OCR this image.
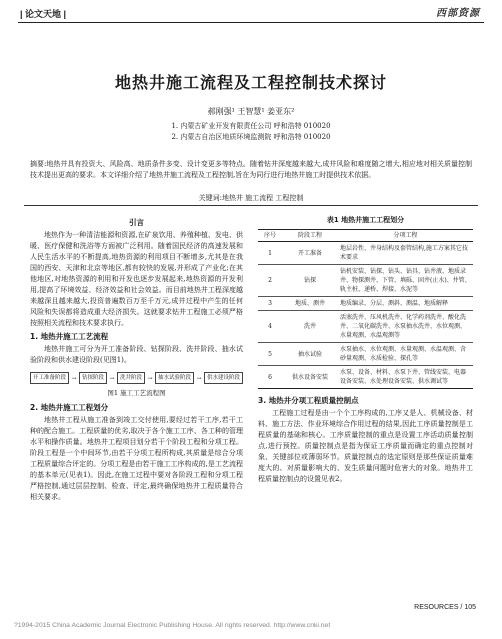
| 论文天地 |	西部资源
地热井施工流程及工程控制技术探讨
郝刚强¹ 王智慧¹ 姜亚东²
1. 内蒙古矿业开发有限责任公司 呼和浩特 010020
2. 内蒙古自治区地质环境监测院 呼和浩特 010020
摘要:地热井具有投资大、风险高、地质条件多变、设计变更多等特点。随着钻井深度越来越大,成井风险和难度随之增大,相应地对相关质量控制技术提出更高的要求。本文详细介绍了地热井施工流程及工程控制,旨在为同行进行地热井施工时提供技术依据。
关键词:地热井 施工流程 工程控制
引言

地热作为一种清洁能源和资源,在矿泉饮用、养殖种植、发电、供暖、医疗保健和洗浴等方面被广泛利用。随着国民经济的高速发展和人民生活水平的不断提高,地热资源的利用项目不断增多,尤其是在我国的西安、天津和北京等地区,都有较快的发展,并形成了产业化;在其他地区,对地热资源的利用和开发也逐步发展起来,地热资源的开发利用,提高了环境效益、经济效益和社会效益。而目前地热井工程深度越来越深且越来越大,投资普遍数百万至千万元,成井过程中产生的任何风险和失误都将造成重大经济损失。这就要求钻井工程施工必须严格按照相关流程和技术要求执行。

1. 地热井施工工艺流程

地热井施工可分为开工准备阶段、钻探阶段、洗井阶段、抽水试验阶段和供水建设阶段(见图1)。

开工准备阶段 → 钻探阶段 → 洗井阶段 → 抽水试验阶段 → 供水建设阶段
图1 施工工艺流程图
2. 地热井施工工程划分

地热井工程从施工准备到竣工交付使用,要经过若干工序,若干工种的配合施工。工程质量的优劣,取决于各个施工工序、各工种的管理水平和操作质量。地热井工程项目划分若干个阶段工程和分项工程。阶段工程是一个中间环节,由若干分项工程所构成,其质量是综合分项工程质量综合评定的。分项工程是由若干施工工序构成的,是工艺流程的基本单元(见表1)。因此,在施工过程中要对各阶段工程和分项工程严格控制,通过层层控制、检查、评定,最终确保地热井工程质量符合相关要求。

表1 地热井施工工程划分
序号	阶段工程	分项工程
1	开工准备	地层岩性、井身结构及套管结构,施工方案其它技术要求
2	钻探	钻机安装、钻探、钻头、钻具、钻井液、地质录井、物探测井、下管、填砾、固井(止水)、井管、轨主桩、递桥、焊接、水泥等
3	地质、测井	地质编录、分层、测斜、测温、地质解释
4	洗井	活塞洗井、压风机洗井、化学药剂洗井、酸化洗井、二氧化碳洗井、水泵抽水洗井、水位观测、水量观测、水温观测等
5	抽水试验	水泵抽水、水位观测、水量观测、水温观测、含砂量观测、水质检验、探孔等
6	供水设备安装	水泵、设备、材料、水泵下井、管线安装、电器设备安装、水处理设备安装、供水调试等
3. 地热井分项工程质量控制点

工程施工过程是由一个个工序构成的,工序又是人、机械设备、材料、施工方法、作业环境综合作用过程的结果,因此工序质量控制是工程质量的基础和核心。工序质量控制的重点是设置工序活动质量控制点,进行预控。质量控制点是指为保证工序质量而确定的重点控制对象、关键部位或薄弱环节。质量控制点的选定原则是那些保证质量难度大的、对质量影响大的、发生质量问题时危害大的对象。地热井工程质量控制点的设置见表2。

RESOURCES / 105
?1994-2015 China Academic Journal Electronic Publishing House. All rights reserved. http://www.cnki.net
